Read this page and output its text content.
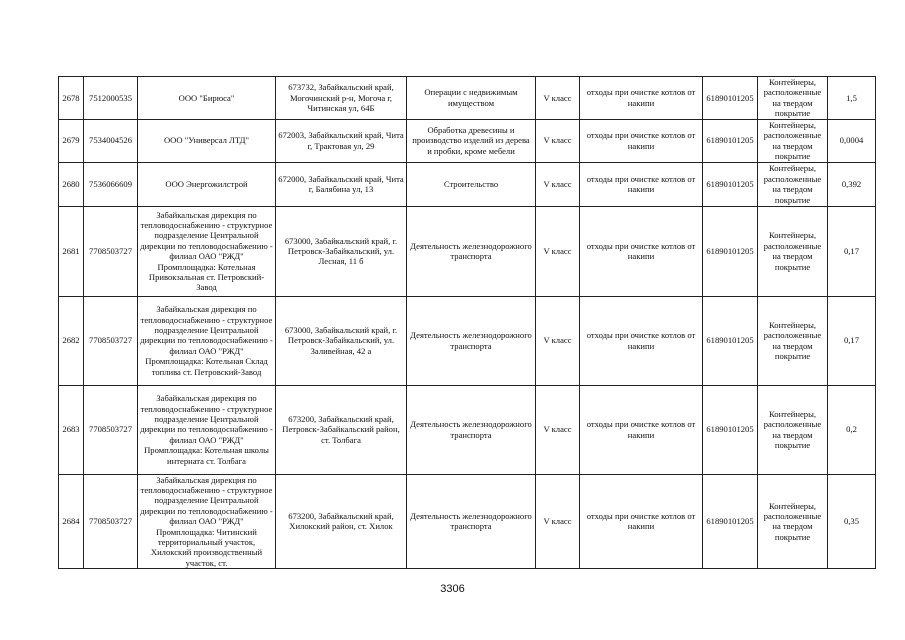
2678	7512000535	ООО "Бирюса"	673732, Забайкальский край, Могочинский р-н, Могоча г, Читинская ул, 64Б	Операции с недвижимым имуществом	V класс	отходы при очистке котлов от накипи	61890101205	Контейнеры, расположенные на твердом покрытие	1,5
2679	7534004526	ООО "Универсал ЛТД"	672003, Забайкальский край, Чита г, Трактовая ул, 29	Обработка древесины и производство изделий из дерева и пробки, кроме мебели	V класс	отходы при очистке котлов от накипи	61890101205	Контейнеры, расположенные на твердом покрытие	0,0004
2680	7536066609	ООО Энергожилстрой	672000, Забайкальский край, Чита г, Балябина ул, 13	Строительство	V класс	отходы при очистке котлов от накипи	61890101205	Контейнеры, расположенные на твердом покрытие	0,392
2681	7708503727	Забайкальская дирекция по тепловодоснабжению - структурное подразделение Центральной дирекции по тепловодоснабжению - филиал ОАО "РЖД" Промплощадка: Котельная Привокзальная ст. Петровский-Завод	673000, Забайкальский край, г. Петровск-Забайкальский, ул. Лесная, 11 б	Деятельность железнодорожного транспорта	V класс	отходы при очистке котлов от накипи	61890101205	Контейнеры, расположенные на твердом покрытие	0,17
2682	7708503727	Забайкальская дирекция по тепловодоснабжению - структурное подразделение Центральной дирекции по тепловодоснабжению - филиал ОАО "РЖД" Промплощадка: Котельная Склад топлива ст. Петровский-Завод	673000, Забайкальский край, г. Петровск-Забайкальский, ул. Заливейная, 42 а	Деятельность железнодорожного транспорта	V класс	отходы при очистке котлов от накипи	61890101205	Контейнеры, расположенные на твердом покрытие	0,17
2683	7708503727	Забайкальская дирекция по тепловодоснабжению - структурное подразделение Центральной дирекции по тепловодоснабжению - филиал ОАО "РЖД" Промплощадка: Котельная школы интерната ст. Толбага	673200, Забайкальский край, Петровск-Забайкальский район, ст. Толбага	Деятельность железнодорожного транспорта	V класс	отходы при очистке котлов от накипи	61890101205	Контейнеры, расположенные на твердом покрытие	0,2
2684	7708503727	Забайкальская дирекция по тепловодоснабжению - структурное подразделение Центральной дирекции по тепловодоснабжению - филиал ОАО "РЖД" Промплощадка: Читинский территориальный участок, Хилокский производственный участок, ст.	673200, Забайкальский край, Хилокский район, ст. Хилок	Деятельность железнодорожного транспорта	V класс	отходы при очистке котлов от накипи	61890101205	Контейнеры, расположенные на твердом покрытие	0,35
3306
